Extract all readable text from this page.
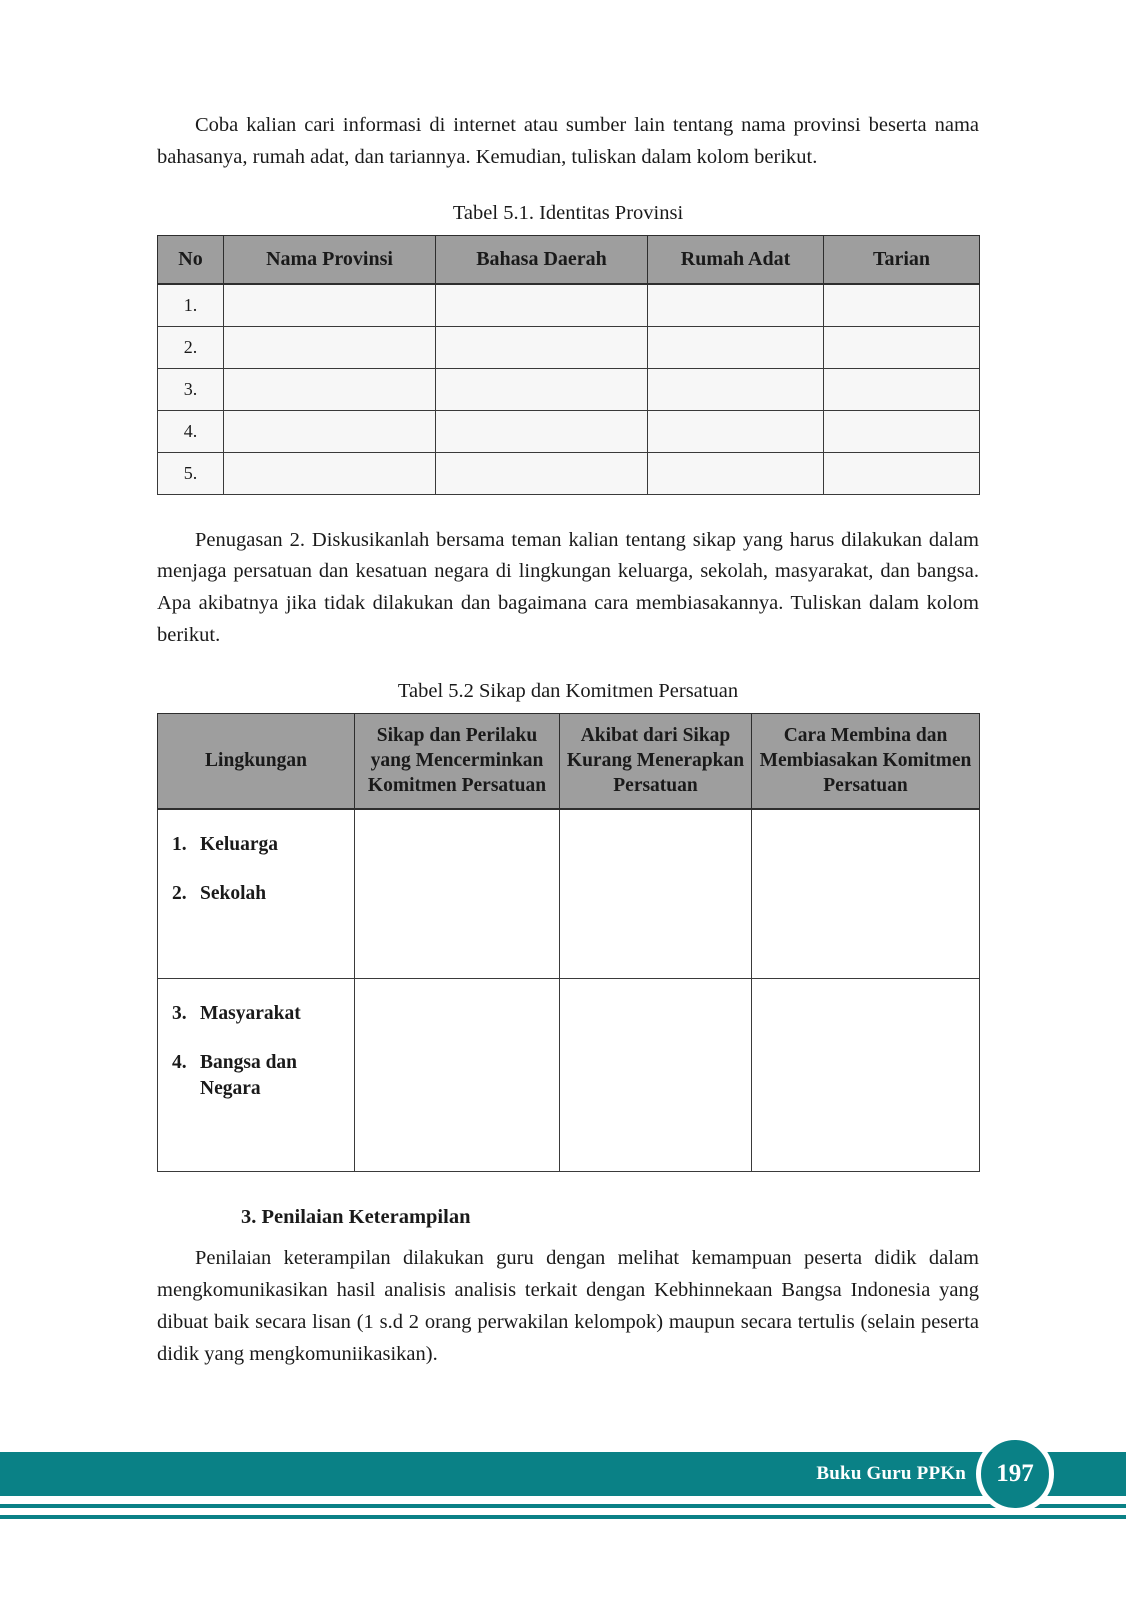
Coba kalian cari informasi di internet atau sumber lain tentang nama provinsi beserta nama bahasanya, rumah adat, dan tariannya. Kemudian, tuliskan dalam kolom berikut.

Tabel 5.1. Identitas Provinsi
No	Nama Provinsi	Bahasa Daerah	Rumah Adat	Tarian
1.				
2.				
3.				
4.				
5.				

Penugasan 2. Diskusikanlah bersama teman kalian tentang sikap yang harus dilakukan dalam menjaga persatuan dan kesatuan negara di lingkungan keluarga, sekolah, masyarakat, dan bangsa. Apa akibatnya jika tidak dilakukan dan bagaimana cara membiasakannya. Tuliskan dalam kolom berikut.

Tabel 5.2 Sikap dan Komitmen Persatuan
Lingkungan	Sikap dan Perilaku yang Mencerminkan Komitmen Persatuan	Akibat dari Sikap Kurang Menerapkan Persatuan	Cara Membina dan Membiasakan Komitmen Persatuan

1. Keluarga
2. Sekolah			

3. Masyarakat
4. Bangsa dan Negara			

3. Penilaian Keterampilan

Penilaian keterampilan dilakukan guru dengan melihat kemampuan peserta didik dalam mengkomunikasikan hasil analisis analisis terkait dengan Kebhinnekaan Bangsa Indonesia yang dibuat baik secara lisan (1 s.d 2 orang perwakilan kelompok) maupun secara tertulis (selain peserta didik yang mengkomuniikasikan).

Buku Guru PPKn	197
